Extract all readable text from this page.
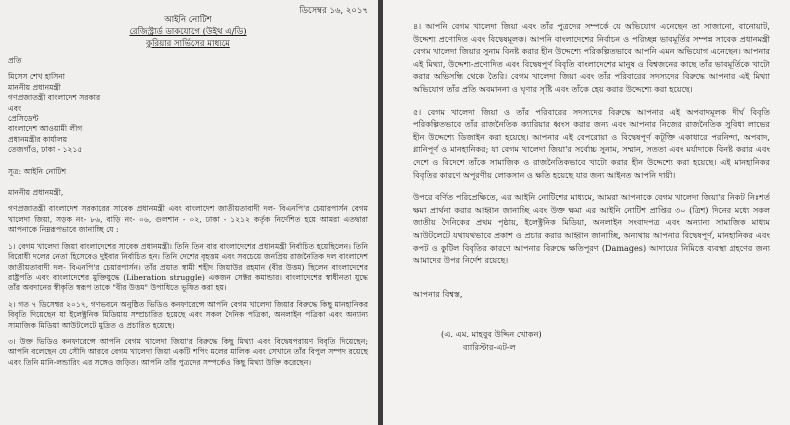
ডিসেম্বর ১৬, ২০১৭
আইনি নোটিশ
রেজিস্ট্রার্ড ডাকযোগে (উইথ এ/ডি)
কুরিয়ার সার্ভিসের মাধ্যমে
প্রতি
মিসেস শেখ হাসিনা
মাননীয় প্রধানমন্ত্রী
গণপ্রজাতন্ত্রী বাংলাদেশ সরকার
এবং
প্রেসিডেন্ট
বাংলাদেশ আওয়ামী লীগ
প্রধানমন্ত্রীর কার্যালয়
তেজগাঁও, ঢাকা - ১২১৫
সূত্র: আইনি নোটিশ
মাননীয় প্রধানমন্ত্রী,

গণপ্রজাতন্ত্রী বাংলাদেশ সরকারের সাবেক প্রধানমন্ত্রী এবং বাংলাদেশ জাতীয়তাবাদী দল- বিএনপি'র চেয়ারপার্সন বেগম খালেদা জিয়া, সড়ক নং- ৮৬, বাড়ি নং- ০৬, গুলশান - ০২, ঢাকা - ১২১২ কর্তৃক নির্দেশিত হয়ে আমরা এতদ্বারা আপনাকে নিম্নরূপভাবে জানাচ্ছি যে :

১। বেগম খালেদা জিয়া বাংলাদেশের সাবেক প্রধানমন্ত্রী। তিনি তিন বার বাংলাদেশের প্রধানমন্ত্রী নির্বাচিত হয়েছিলেন। তিনি বিরোধী দলের নেতা হিসেবেও দুইবার নির্বাচিত হন। তিনি দেশের বৃহত্তম এবং সবচেয়ে জনপ্রিয় রাজনৈতিক দল বাংলাদেশ জাতীয়তাবাদী দল- বিএনপি'র চেয়ারপার্সন। তাঁর প্রয়াত স্বামী শহীদ জিয়াউর রহমান (বীর উত্তম) ছিলেন বাংলাদেশের রাষ্ট্রপতি এবং বাংলাদেশের মুক্তিযুদ্ধে (Liberation struggle) একজন সেক্টর কমান্ডার। বাংলাদেশের স্বাধীনতা যুদ্ধে তাঁর অবদানের স্বীকৃতি স্বরূপ তাকে "বীর উত্তম" উপাধিতে ভূষিত করা হয়।

২। গত ৭ ডিসেম্বর ২০১৭, গণভবনে অনুষ্ঠিত ভিডিও কনফারেন্সে আপনি বেগম খালেদা জিয়ার বিরুদ্ধে কিছু মানহানিকর বিবৃতি দিয়েছেন যা ইলেক্ট্রনিক মিডিয়ায় সম্প্রচারিত হয়েছে এবং সকল দৈনিক পত্রিকা, অনলাইন পত্রিকা এবং অন্যান্য সামাজিক মিডিয়া আউটলেটে মুদ্রিত ও প্রচারিত হয়েছে।

৩। উক্ত ভিডিও কনফারেন্সে আপনি বেগম খালেদা জিয়া'র বিরুদ্ধে কিছু মিথ্যা এবং বিদ্বেষপরায়ণ বিবৃতি দিয়েছেন; আপনি বলেছেন যে সৌদি আরবে বেগম খালেদা জিয়া একটি শপিং মলের মালিক এবং সেখানে তাঁর বিপুল সম্পদ রয়েছে এবং তিনি মানি-লন্ডারিং এর সঙ্গেও জড়িত। আপনি তাঁর পুত্রদের সম্পর্কেও কিছু মিথ্যা উক্তি করেছেন।

৪। আপনি বেগম খালেদা জিয়া এবং তাঁর পুত্রদের সম্পর্কে যে অভিযোগ এনেছেন তা সাজানো, বানোয়াট, উদ্দেশ্য প্রণোদিত এবং বিদ্বেষমূলক। আপনি বাংলাদেশের নির্বাচন ও পরিচ্ছন্ন ভাবমূর্তির সম্পন্ন সাবেক প্রধানমন্ত্রী বেগম খালেদা জিয়ার সুনাম বিনষ্ট করার হীন উদ্দেশ্যে পরিকল্পিতভাবে আপনি এমন অভিযোগ এনেছেন। আপনার এই মিথ্যা, উদ্দেশ্য-প্রণোদিত এবং বিদ্বেষপূর্ণ বিবৃতি বাংলাদেশের মানুষ ও বিশ্বজনের কাছে তাঁর ভাবমূর্তিকে খাটো করার অভিসন্ধি থেকে তৈরি। বেগম খালেদা জিয়া এবং তাঁর পরিবারের সদস্যদের বিরুদ্ধে আপনার এই মিথ্যা অভিযোগ তাঁর প্রতি অবমাননা ও ঘৃণার সৃষ্টি এবং তাঁকে হেয় করার উদ্দেশ্যে করা হয়েছে।

৫। বেগম খালেদা জিয়া ও তাঁর পরিবারের সদস্যদের বিরুদ্ধে আপনার এই অপবাদমূলক দীর্ঘ বিবৃতি পরিকল্পিতভাবে তাঁর রাজনৈতিক ক্যারিয়ার ধ্বংস করার জন্য এবং আপনার নিজের রাজনৈতিক সুবিধা লাভের হীন উদ্দেশ্যে ডিজাইন করা হয়েছে। আপনার এই বেপরোয়া ও বিদ্বেষপূর্ণ কটূক্তি একাধারে পরনিন্দা, অপবাদ, গ্লানিপূর্ণ ও মানহানিকর; যা বেগম খালেদা জিয়া'র সর্বোচ্চ সুনাম, সম্মান, সততা এবং মর্যাদাকে বিনষ্ট করার এবং দেশে ও বিদেশে তাঁকে সামাজিক ও রাজনৈতিকভাবে খাটো করার হীন উদ্দেশ্যে করা হয়েছে। এই মানহানিকর বিবৃতির কারণে অপূরণীয় লোকসান ও ক্ষতি হয়েছে যার জন্য আইনত আপনি দায়ী।

উপরে বর্ণিত পরিপ্রেক্ষিতে, এর আইনি নোটিশের মাধ্যমে, আমরা আপনাকে বেগম খালেদা জিয়া'র নিকট নিঃশর্ত ক্ষমা প্রার্থনা করার আহ্বান জানাচ্ছি এবং উক্ত ক্ষমা এর আইনি নোটিশ প্রাপ্তির ৩০ (ত্রিশ) দিনের মধ্যে সকল জাতীয় দৈনিকের প্রথম পৃষ্ঠায়, ইলেক্ট্রনিক মিডিয়া, অনলাইন সংবাদপত্র এবং অন্যান্য সামাজিক মাধ্যম আউটলেটে যথাযথভাবে প্রকাশ ও প্রচার করার আহ্বান জানাচ্ছি, অন্যথায় আপনার বিদ্বেষপূর্ণ, মানহানিকর এবং কপট ও কুটিল বিবৃতির কারণে আপনার বিরুদ্ধে ক্ষতিপূরণ (Damages) আদায়ের নিমিত্তে ব্যবস্থা গ্রহণের জন্য আমাদের উপর নির্দেশ রয়েছে।

আপনার বিশ্বস্ত,
(এ. এম. মাহবুব উদ্দিন খোকন)
ব্যারিস্টার-এট-ল
